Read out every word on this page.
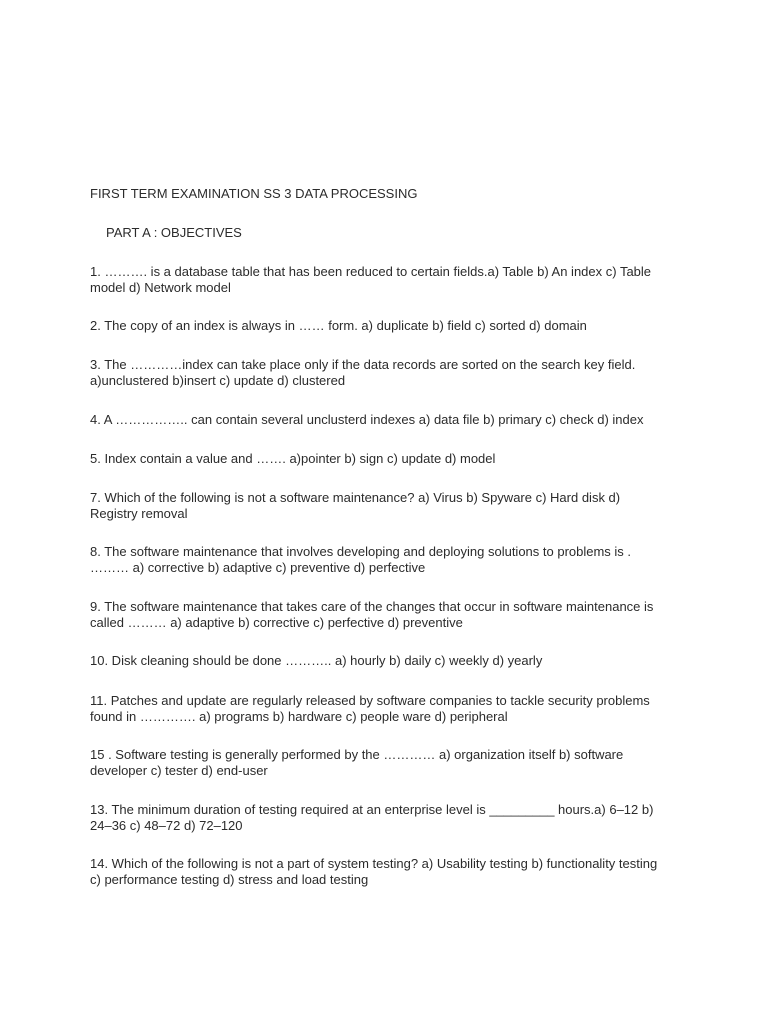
FIRST TERM EXAMINATION SS 3 DATA PROCESSING
PART A : OBJECTIVES

1. ………. is a database table that has been reduced to certain fields.a) Table b) An index c) Table model d) Network model

2. The copy of an index is always in …… form. a) duplicate b) field c) sorted d) domain

3. The …………index can take place only if the data records are sorted on the search key field. a)unclustered b)insert c) update d) clustered

4. A …………….. can contain several unclusterd indexes a) data file b) primary c) check d) index

5. Index contain a value and ……. a)pointer b) sign c) update d) model

7. Which of the following is not a software maintenance? a) Virus b) Spyware c) Hard disk d) Registry removal

8. The software maintenance that involves developing and deploying solutions to problems is . ……… a) corrective b) adaptive c) preventive d) perfective

9. The software maintenance that takes care of the changes that occur in software maintenance is called ……… a) adaptive b) corrective c) perfective d) preventive

10. Disk cleaning should be done ……….. a) hourly b) daily c) weekly d) yearly

11. Patches and update are regularly released by software companies to tackle security problems found in …………. a) programs b) hardware c) people ware d) peripheral

15 . Software testing is generally performed by the ………… a) organization itself b) software developer c) tester d) end-user

13. The minimum duration of testing required at an enterprise level is _________ hours.a) 6–12 b) 24–36 c) 48–72 d) 72–120

14. Which of the following is not a part of system testing? a) Usability testing b) functionality testing c) performance testing d) stress and load testing
